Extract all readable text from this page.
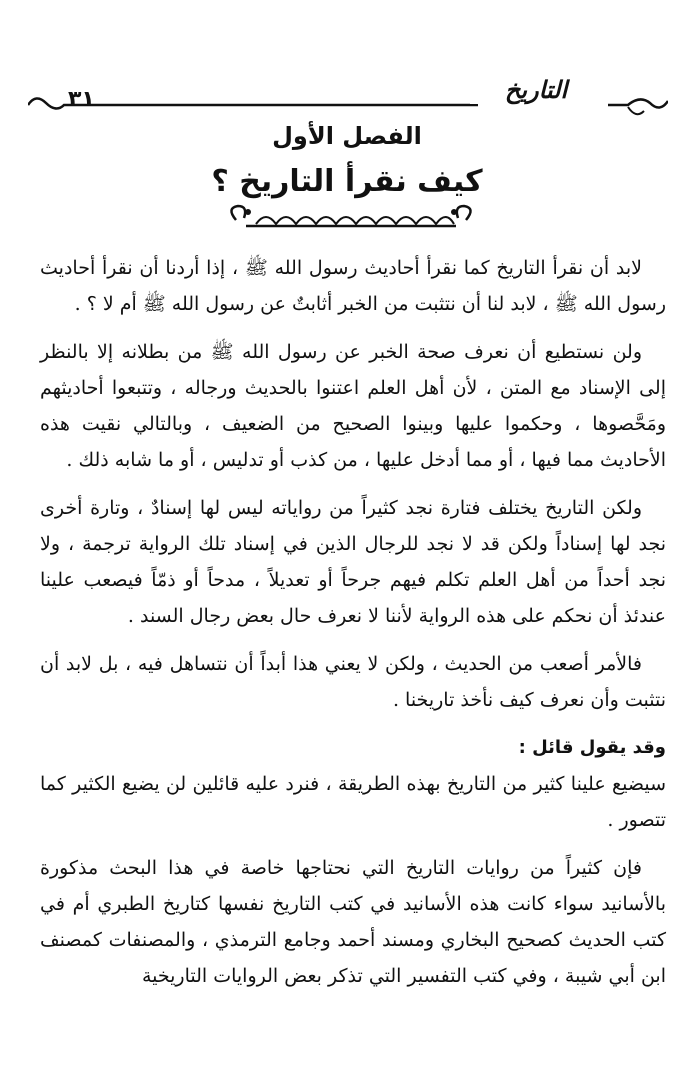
٣١	التاريخ
الفصل الأول
كيف نقرأ التاريخ ؟

لابد أن نقرأ التاريخ كما نقرأ أحاديث رسول الله ﷺ ، إذا أردنا أن نقرأ أحاديث رسول الله ﷺ ، لابد لنا أن نتثبت من الخبر أثابتٌ عن رسول الله ﷺ أم لا ؟ .

ولن نستطيع أن نعرف صحة الخبر عن رسول الله ﷺ من بطلانه إلا بالنظر إلى الإسناد مع المتن ، لأن أهل العلم اعتنوا بالحديث ورجاله ، وتتبعوا أحاديثهم ومَحَّصوها ، وحكموا عليها وبينوا الصحيح من الضعيف ، وبالتالي نقيت هذه الأحاديث مما فيها ، أو مما أدخل عليها ، من كذب أو تدليس ، أو ما شابه ذلك .

ولكن التاريخ يختلف فتارة نجد كثيراً من رواياته ليس لها إسنادٌ ، وتارة أخرى نجد لها إسناداً ولكن قد لا نجد للرجال الذين في إسناد تلك الرواية ترجمة ، ولا نجد أحداً من أهل العلم تكلم فيهم جرحاً أو تعديلاً ، مدحاً أو ذمّاً فيصعب علينا عندئذ أن نحكم على هذه الرواية لأننا لا نعرف حال بعض رجال السند .

فالأمر أصعب من الحديث ، ولكن لا يعني هذا أبداً أن نتساهل فيه ، بل لابد أن نتثبت وأن نعرف كيف نأخذ تاريخنا .

وقد يقول قائل :

سيضيع علينا كثير من التاريخ بهذه الطريقة ، فنرد عليه قائلين لن يضيع الكثير كما تتصور .

فإن كثيراً من روايات التاريخ التي نحتاجها خاصة في هذا البحث مذكورة بالأسانيد سواء كانت هذه الأسانيد في كتب التاريخ نفسها كتاريخ الطبري أم في كتب الحديث كصحيح البخاري ومسند أحمد وجامع الترمذي ، والمصنفات كمصنف ابن أبي شيبة ، وفي كتب التفسير التي تذكر بعض الروايات التاريخية
